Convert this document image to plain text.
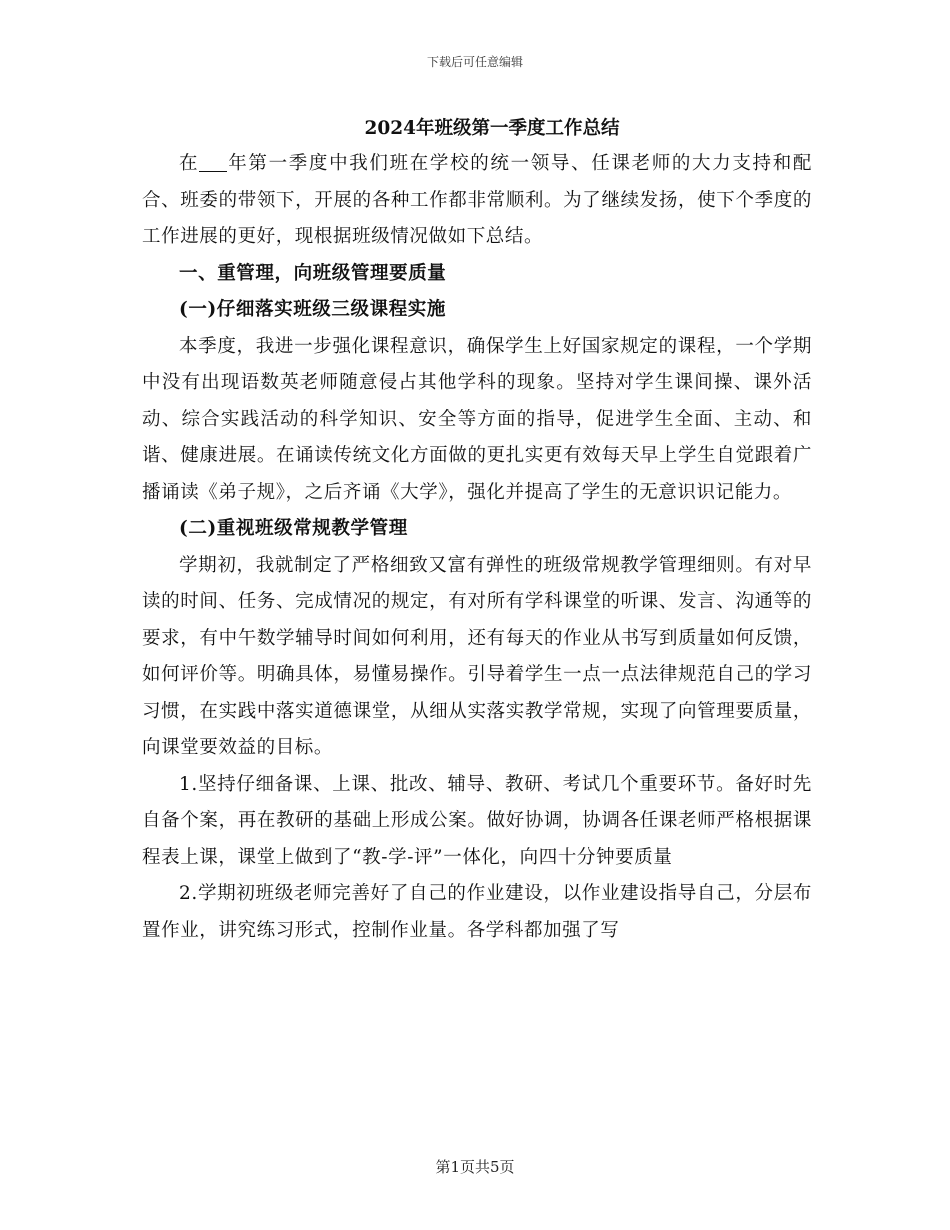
下载后可任意编辑
2024年班级第一季度工作总结

在 年第一季度中我们班在学校的统一领导、任课老师的大力支持和配合、班委的带领下，开展的各种工作都非常顺利。为了继续发扬，使下个季度的工作进展的更好，现根据班级情况做如下总结。

一、重管理，向班级管理要质量

(一)仔细落实班级三级课程实施

本季度，我进一步强化课程意识，确保学生上好国家规定的课程，一个学期中没有出现语数英老师随意侵占其他学科的现象。坚持对学生课间操、课外活动、综合实践活动的科学知识、安全等方面的指导，促进学生全面、主动、和谐、健康进展。在诵读传统文化方面做的更扎实更有效每天早上学生自觉跟着广播诵读《弟子规》，之后齐诵《大学》，强化并提高了学生的无意识识记能力。

(二)重视班级常规教学管理

学期初，我就制定了严格细致又富有弹性的班级常规教学管理细则。有对早读的时间、任务、完成情况的规定，有对所有学科课堂的听课、发言、沟通等的要求，有中午数学辅导时间如何利用，还有每天的作业从书写到质量如何反馈，如何评价等。明确具体，易懂易操作。引导着学生一点一点法律规范自己的学习习惯，在实践中落实道德课堂，从细从实落实教学常规，实现了向管理要质量，向课堂要效益的目标。

1.坚持仔细备课、上课、批改、辅导、教研、考试几个重要环节。备好时先自备个案，再在教研的基础上形成公案。做好协调，协调各任课老师严格根据课程表上课，课堂上做到了“教-学-评”一体化，向四十分钟要质量

2.学期初班级老师完善好了自己的作业建设，以作业建设指导自己，分层布置作业，讲究练习形式，控制作业量。各学科都加强了写

第1页共5页
